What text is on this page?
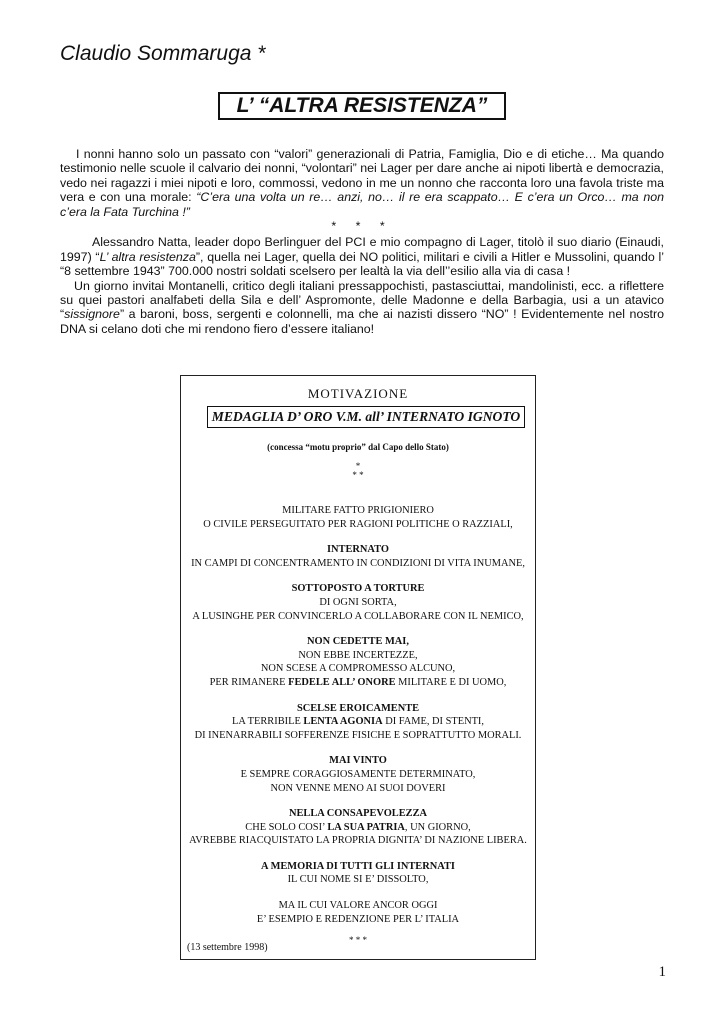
Claudio Sommaruga *
L’ “ALTRA RESISTENZA”

I nonni hanno solo un passato con “valori” generazionali di Patria, Famiglia, Dio e di etiche… Ma quando testimonio nelle scuole il calvario dei nonni, “volontari” nei Lager per dare anche ai nipoti libertà e democrazia, vedo nei ragazzi i miei nipoti e loro, commossi, vedono in me un nonno che racconta loro una favola triste ma vera e con una morale: “C’era una volta un re… anzi, no… il re era scappato… E c’era un Orco… ma non c’era la Fata Turchina !”

* * *

Alessandro Natta, leader dopo Berlinguer del PCI e mio compagno di Lager, titolò il suo diario (Einaudi, 1997) “L’ altra resistenza”, quella nei Lager, quella dei NO politici, militari e civili a Hitler e Mussolini, quando l’ “8 settembre 1943” 700.000 nostri soldati scelsero per lealtà la via dell’’esilio alla via di casa !

Un giorno invitai Montanelli, critico degli italiani pressappochisti, pastasciuttai, mandolinisti, ecc. a riflettere su quei pastori analfabeti della Sila e dell’ Aspromonte, delle Madonne e della Barbagia, usi a un atavico “sissignore” a baroni, boss, sergenti e colonnelli, ma che ai nazisti dissero “NO” ! Evidentemente nel nostro DNA si celano doti che mi rendono fiero d’essere italiano!

MOTIVAZIONE
MEDAGLIA D’ ORO V.M. all’ INTERNATO IGNOTO
(concessa “motu proprio” dal Capo dello Stato)
*
* *
MILITARE FATTO PRIGIONIERO
O CIVILE PERSEGUITATO PER RAGIONI POLITICHE O RAZZIALI,
INTERNATO
IN CAMPI DI CONCENTRAMENTO IN CONDIZIONI DI VITA INUMANE,
SOTTOPOSTO A TORTURE
DI OGNI SORTA,
A LUSINGHE PER CONVINCERLO A COLLABORARE CON IL NEMICO,
NON CEDETTE MAI,
NON EBBE INCERTEZZE,
NON SCESE A COMPROMESSO ALCUNO,
PER RIMANERE FEDELE ALL’ ONORE MILITARE E DI UOMO,
SCELSE EROICAMENTE
LA TERRIBILE LENTA AGONIA DI FAME, DI STENTI,
DI INENARRABILI SOFFERENZE FISICHE E SOPRATTUTTO MORALI.
MAI VINTO
E SEMPRE CORAGGIOSAMENTE DETERMINATO,
NON VENNE MENO AI SUOI DOVERI
NELLA CONSAPEVOLEZZA
CHE SOLO COSI’ LA SUA PATRIA, UN GIORNO,
AVREBBE RIACQUISTATO LA PROPRIA DIGNITA’ DI NAZIONE LIBERA.
A MEMORIA DI TUTTI GLI INTERNATI
IL CUI NOME SI E’ DISSOLTO,
MA IL CUI VALORE ANCOR OGGI
E’ ESEMPIO E REDENZIONE PER L’ ITALIA
* * *
(13 settembre 1998)
1
